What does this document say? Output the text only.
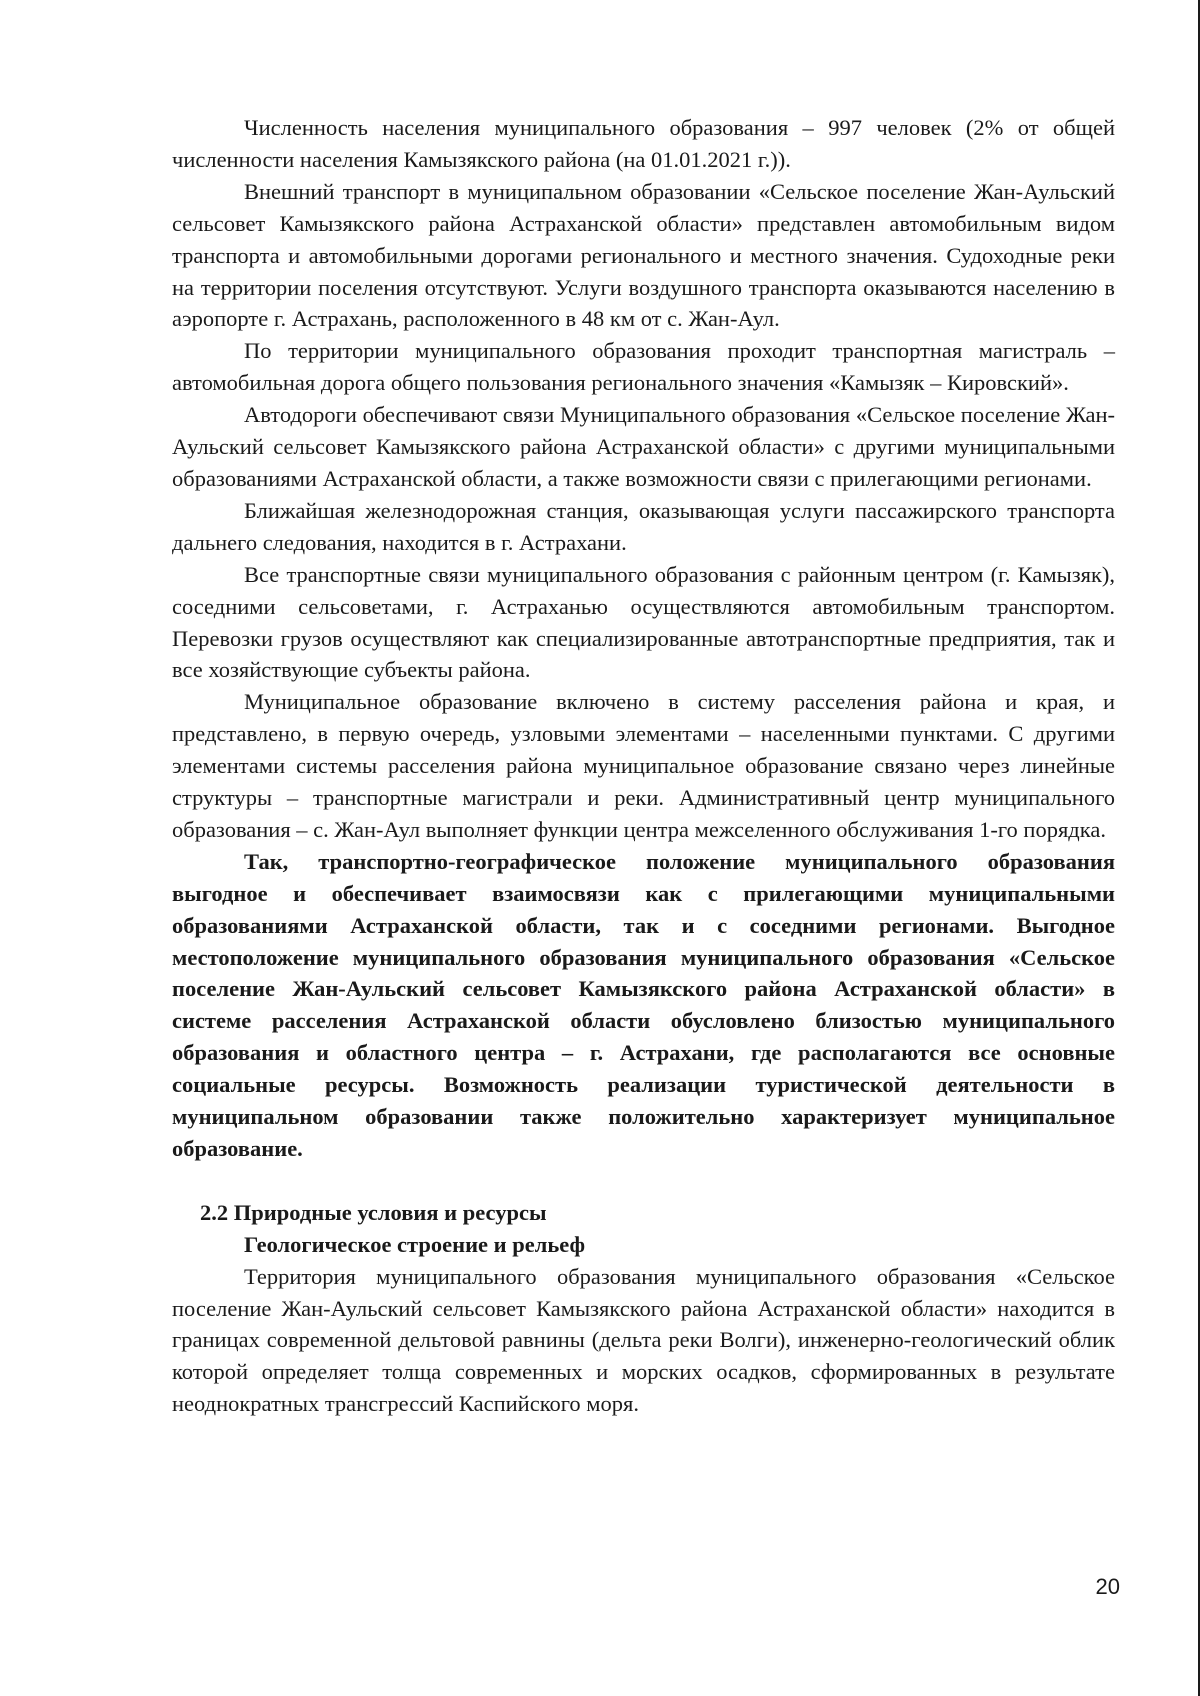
Численность населения муниципального образования – 997 человек (2% от общей численности населения Камызякского района (на 01.01.2021 г.)).

Внешний транспорт в муниципальном образовании «Сельское поселение Жан-Аульский сельсовет Камызякского района Астраханской области» представлен автомобильным видом транспорта и автомобильными дорогами регионального и местного значения. Судоходные реки на территории поселения отсутствуют. Услуги воздушного транспорта оказываются населению в аэропорте г. Астрахань, расположенного в 48 км от с. Жан-Аул.

По территории муниципального образования проходит транспортная магистраль – автомобильная дорога общего пользования регионального значения «Камызяк – Кировский».

Автодороги обеспечивают связи Муниципального образования «Сельское поселение Жан-Аульский сельсовет Камызякского района Астраханской области» с другими муниципальными образованиями Астраханской области, а также возможности связи с прилегающими регионами.

Ближайшая железнодорожная станция, оказывающая услуги пассажирского транспорта дальнего следования, находится в г. Астрахани.

Все транспортные связи муниципального образования с районным центром (г. Камызяк), соседними сельсоветами, г. Астраханью осуществляются автомобильным транспортом. Перевозки грузов осуществляют как специализированные автотранспортные предприятия, так и все хозяйствующие субъекты района.

Муниципальное образование включено в систему расселения района и края, и представлено, в первую очередь, узловыми элементами – населенными пунктами. С другими элементами системы расселения района муниципальное образование связано через линейные структуры – транспортные магистрали и реки. Административный центр муниципального образования – с. Жан-Аул выполняет функции центра межселенного обслуживания 1-го порядка.

Так, транспортно-географическое положение муниципального образования выгодное и обеспечивает взаимосвязи как с прилегающими муниципальными образованиями Астраханской области, так и с соседними регионами. Выгодное местоположение муниципального образования муниципального образования «Сельское поселение Жан-Аульский сельсовет Камызякского района Астраханской области» в системе расселения Астраханской области обусловлено близостью муниципального образования и областного центра – г. Астрахани, где располагаются все основные социальные ресурсы. Возможность реализации туристической деятельности в муниципальном образовании также положительно характеризует муниципальное образование.

2.2 Природные условия и ресурсы

Геологическое строение и рельеф

Территория муниципального образования муниципального образования «Сельское поселение Жан-Аульский сельсовет Камызякского района Астраханской области» находится в границах современной дельтовой равнины (дельта реки Волги), инженерно-геологический облик которой определяет толща современных и морских осадков, сформированных в результате неоднократных трансгрессий Каспийского моря.

20
